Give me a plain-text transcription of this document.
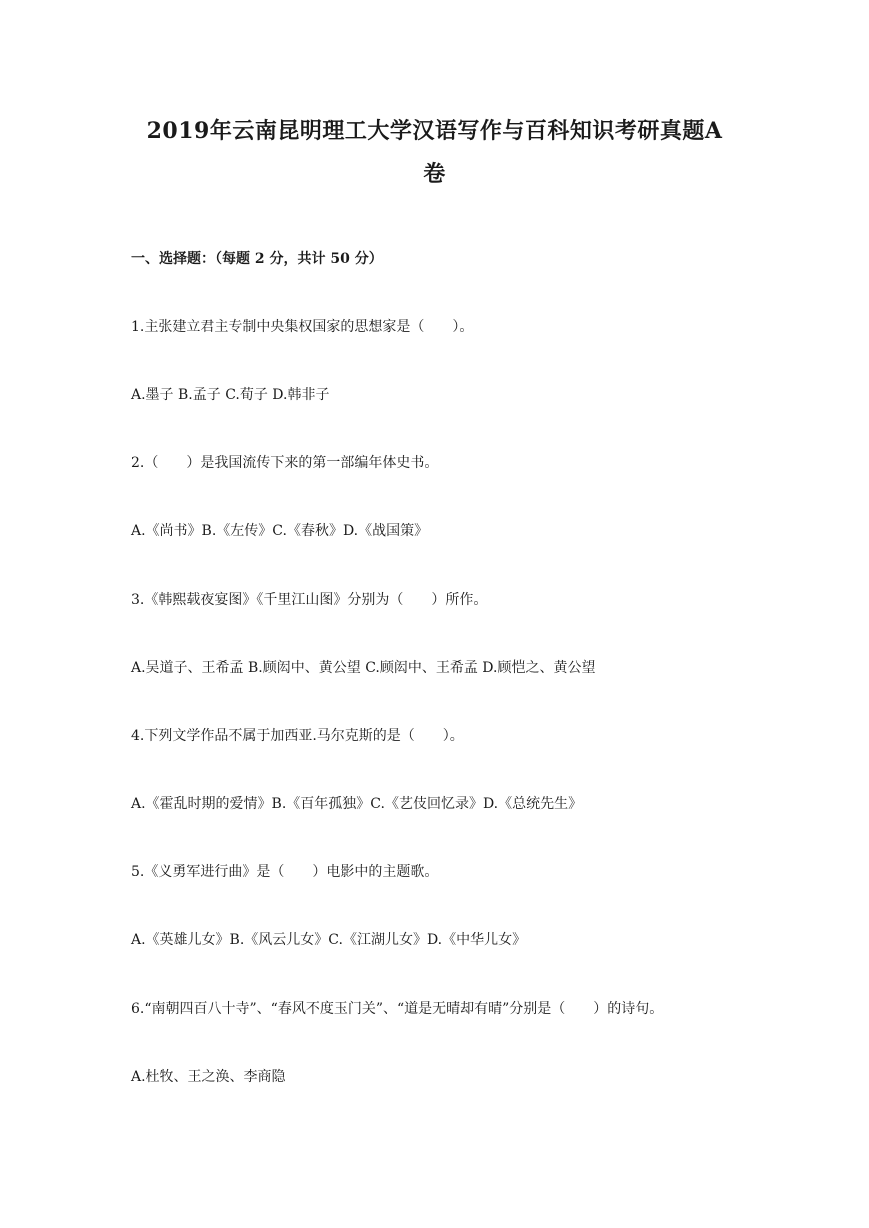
2019年云南昆明理工大学汉语写作与百科知识考研真题A
卷
一、选择题：（每题 2 分，共计 50 分）
1.主张建立君主专制中央集权国家的思想家是（　　）。
A.墨子 B.孟子 C.荀子 D.韩非子
2.（　　）是我国流传下来的第一部编年体史书。
A.《尚书》B.《左传》C.《春秋》D.《战国策》
3.《韩熙载夜宴图》《千里江山图》分别为（　　）所作。
A.吴道子、王希孟 B.顾闳中、黄公望 C.顾闳中、王希孟 D.顾恺之、黄公望
4.下列文学作品不属于加西亚.马尔克斯的是（　　）。
A.《霍乱时期的爱情》B.《百年孤独》C.《艺伎回忆录》D.《总统先生》
5.《义勇军进行曲》是（　　）电影中的主题歌。
A.《英雄儿女》B.《风云儿女》C.《江湖儿女》D.《中华儿女》
6.“南朝四百八十寺”、“春风不度玉门关”、“道是无晴却有晴”分别是（　　）的诗句。
A.杜牧、王之涣、李商隐
